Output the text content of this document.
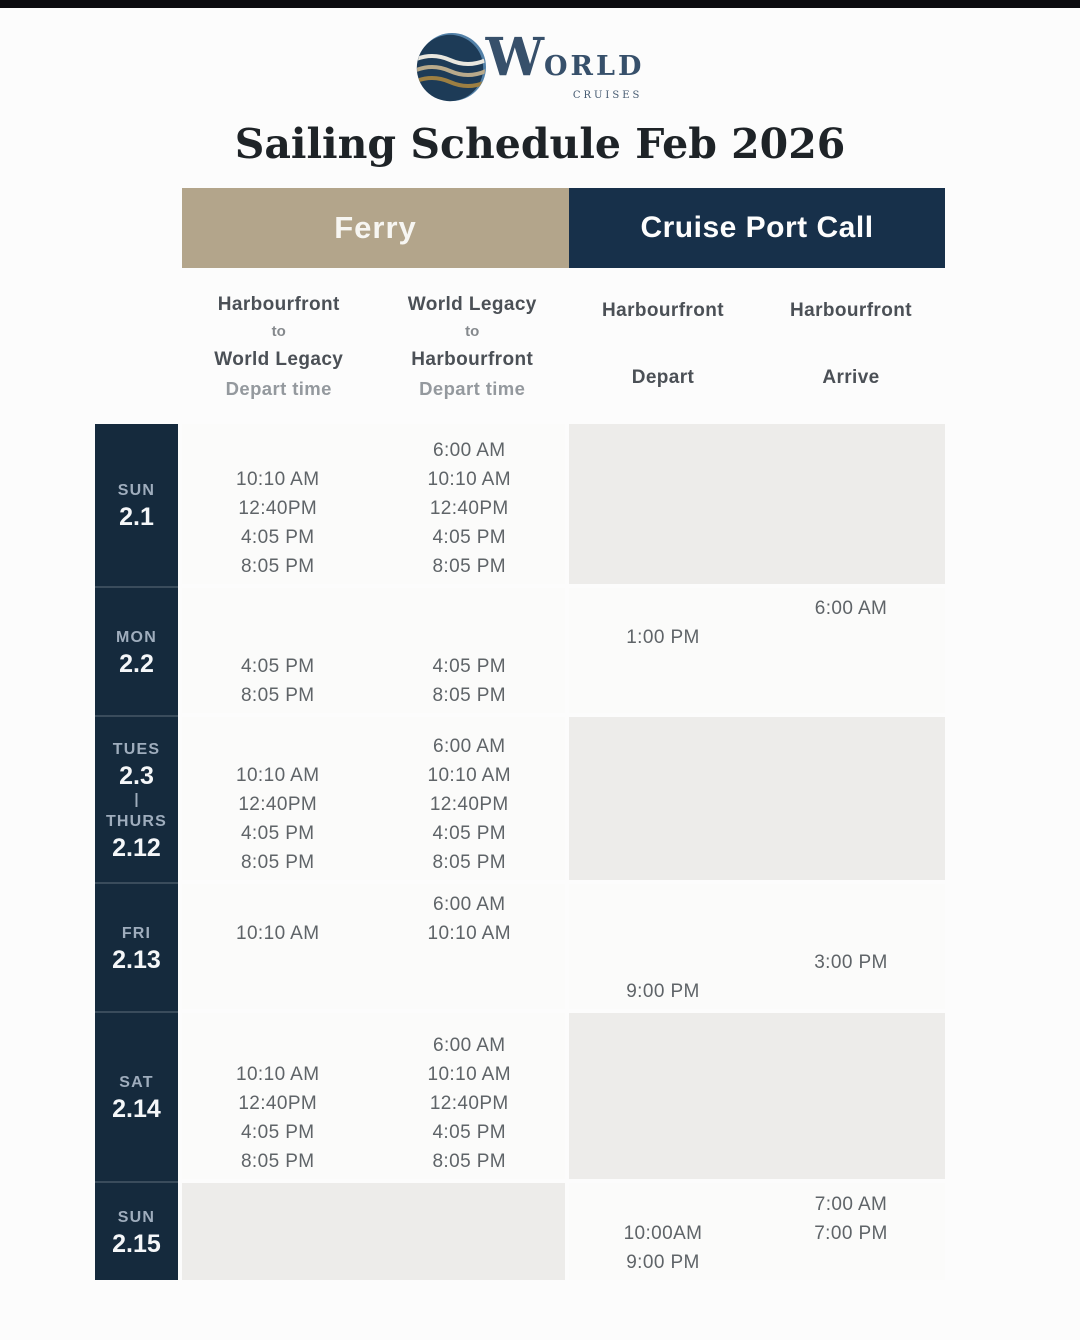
WORLD
CRUISES
Sailing Schedule Feb 2026
Ferry	Cruise Port Call
Harbourfront
to
World Legacy
Depart time
World Legacy
to
Harbourfront
Depart time
Harbourfront
Depart
Harbourfront
Arrive
SUN
2.1
MON
2.2
TUES
2.3
|
THURS
2.12
FRI
2.13
SAT
2.14
SUN
2.15
10:10 AM
12:40PM
4:05 PM
8:05 PM
6:00 AM
10:10 AM
12:40PM
4:05 PM
8:05 PM
4:05 PM
8:05 PM
4:05 PM
8:05 PM
1:00 PM
6:00 AM
10:10 AM
12:40PM
4:05 PM
8:05 PM
6:00 AM
10:10 AM
12:40PM
4:05 PM
8:05 PM
10:10 AM
6:00 AM
10:10 AM
9:00 PM
3:00 PM
10:10 AM
12:40PM
4:05 PM
8:05 PM
6:00 AM
10:10 AM
12:40PM
4:05 PM
8:05 PM
10:00AM
9:00 PM
7:00 AM
7:00 PM
